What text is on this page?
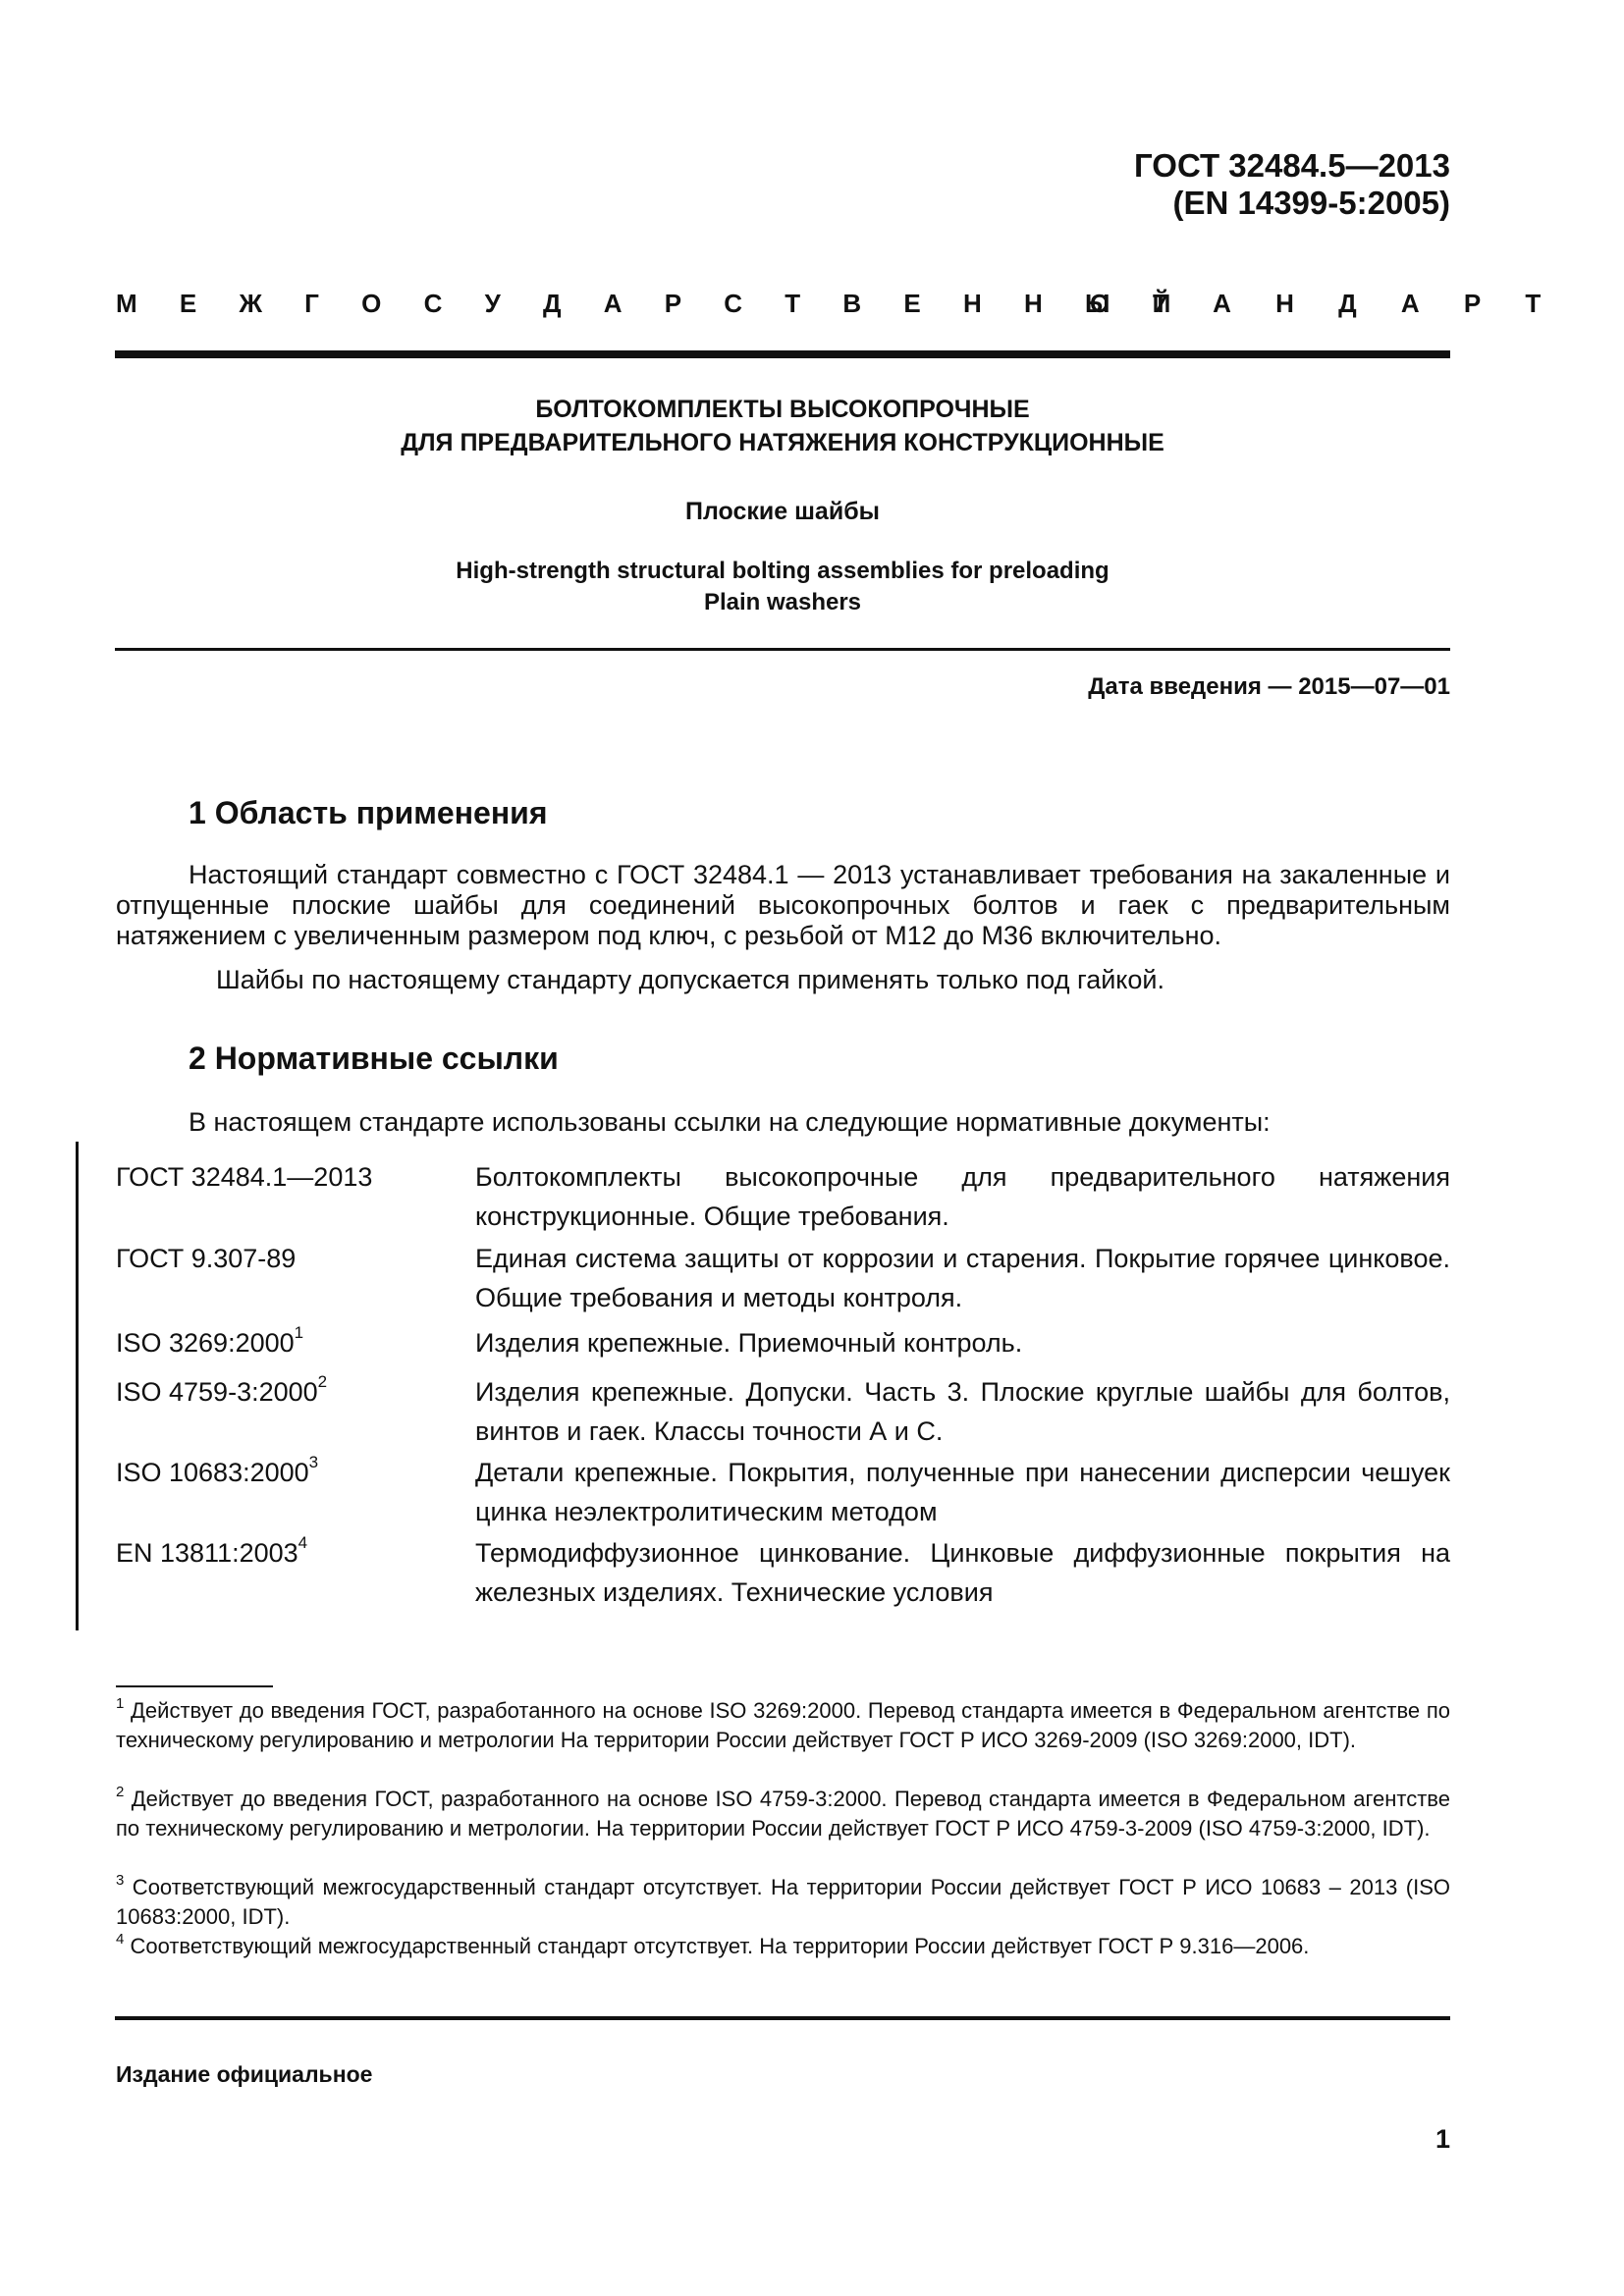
ГОСТ 32484.5—2013
(EN 14399-5:2005)
М Е Ж Г О С У Д А Р С Т В Е Н Н Ы Й
С Т А Н Д А Р Т
БОЛТОКОМПЛЕКТЫ ВЫСОКОПРОЧНЫЕ
ДЛЯ ПРЕДВАРИТЕЛЬНОГО НАТЯЖЕНИЯ КОНСТРУКЦИОННЫЕ
Плоские шайбы
High-strength structural bolting assemblies for preloading
Plain washers
Дата введения — 2015—07—01
1 Область применения
Настоящий стандарт совместно с ГОСТ 32484.1 — 2013 устанавливает требования на закаленные и отпущенные плоские шайбы для соединений высокопрочных болтов и гаек с предварительным натяжением с увеличенным размером под ключ, с резьбой от М12 до М36 включительно.
Шайбы по настоящему стандарту допускается применять только под гайкой.
2 Нормативные ссылки
В настоящем стандарте использованы ссылки на следующие нормативные документы:
ГОСТ 32484.1—2013	Болтокомплекты высокопрочные для предварительного натяжения конструкционные. Общие требования.
ГОСТ 9.307-89	Единая система защиты от коррозии и старения. Покрытие горячее цинковое. Общие требования и методы контроля.
ISO 3269:2000$^1$	Изделия крепежные. Приемочный контроль.
ISO 4759-3:2000$^2$	Изделия крепежные. Допуски. Часть 3. Плоские круглые шайбы для болтов, винтов и гаек. Классы точности А и С.
ISO 10683:2000$^3$	Детали крепежные. Покрытия, полученные при нанесении дисперсии чешуек цинка неэлектролитическим методом
EN 13811:2003$^4$	Термодиффузионное цинкование. Цинковые диффузионные покрытия на железных изделиях. Технические условия
$^1$ Действует до введения ГОСТ, разработанного на основе ISO 3269:2000. Перевод стандарта имеется в Федеральном агентстве по техническому регулированию и метрологии На территории России действует ГОСТ Р ИСО 3269-2009 (ISO 3269:2000, IDT).
$^2$ Действует до введения ГОСТ, разработанного на основе ISO 4759-3:2000. Перевод стандарта имеется в Федеральном агентстве по техническому регулированию и метрологии. На территории России действует ГОСТ Р ИСО 4759-3-2009 (ISO 4759-3:2000, IDT).
$^3$ Соответствующий межгосударственный стандарт отсутствует. На территории России действует ГОСТ Р ИСО 10683 – 2013 (ISO 10683:2000, IDT).
$^4$ Соответствующий межгосударственный стандарт отсутствует. На территории России действует ГОСТ Р 9.316—2006.
Издание официальное
1
